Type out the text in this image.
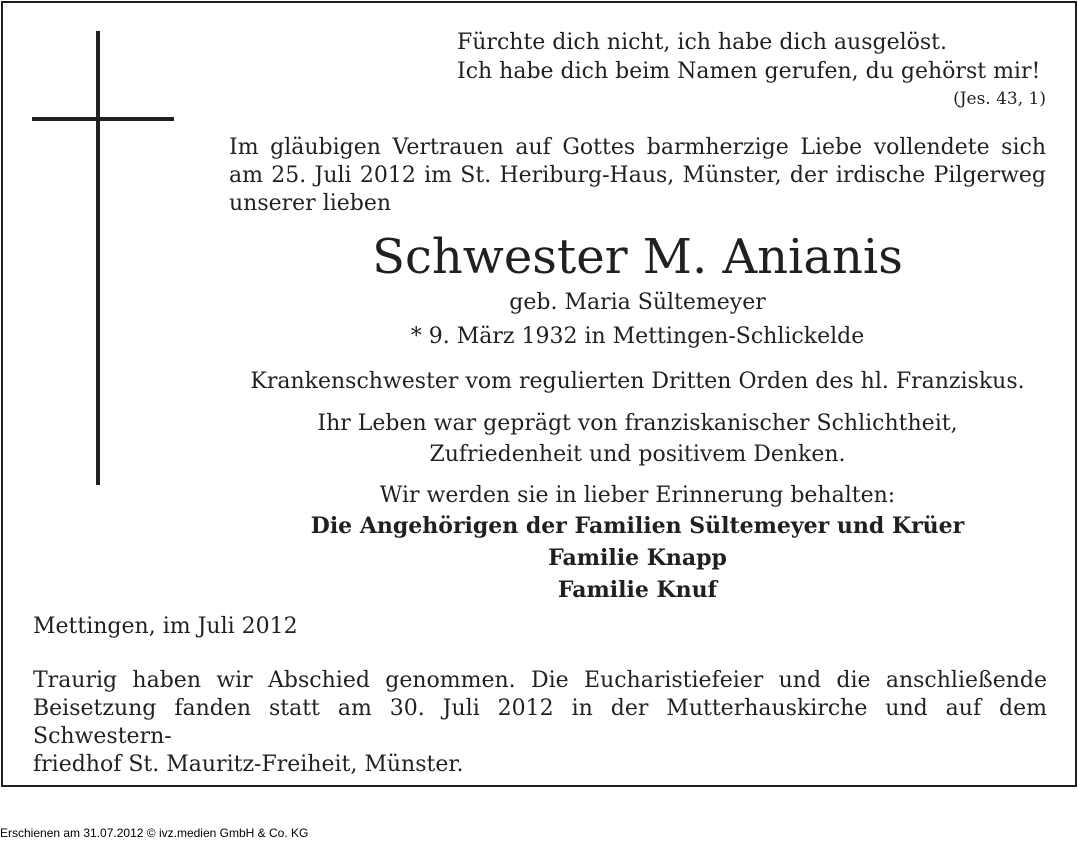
Fürchte dich nicht, ich habe dich ausgelöst.
Ich habe dich beim Namen gerufen, du gehörst mir!
(Jes. 43, 1)
Im gläubigen Vertrauen auf Gottes barmherzige Liebe vollendete sich
am 25. Juli 2012 im St. Heriburg-Haus, Münster, der irdische Pilgerweg
unserer lieben
Schwester M. Anianis
geb. Maria Sültemeyer
* 9. März 1932 in Mettingen-Schlickelde
Krankenschwester vom regulierten Dritten Orden des hl. Franziskus.
Ihr Leben war geprägt von franziskanischer Schlichtheit,
Zufriedenheit und positivem Denken.
Wir werden sie in lieber Erinnerung behalten:
Die Angehörigen der Familien Sültemeyer und Krüer
Familie Knapp
Familie Knuf
Mettingen, im Juli 2012
Traurig haben wir Abschied genommen. Die Eucharistiefeier und die anschließende
Beisetzung fanden statt am 30. Juli 2012 in der Mutterhauskirche und auf dem Schwestern-
friedhof St. Mauritz-Freiheit, Münster.
Erschienen am 31.07.2012 © ivz.medien GmbH & Co. KG
